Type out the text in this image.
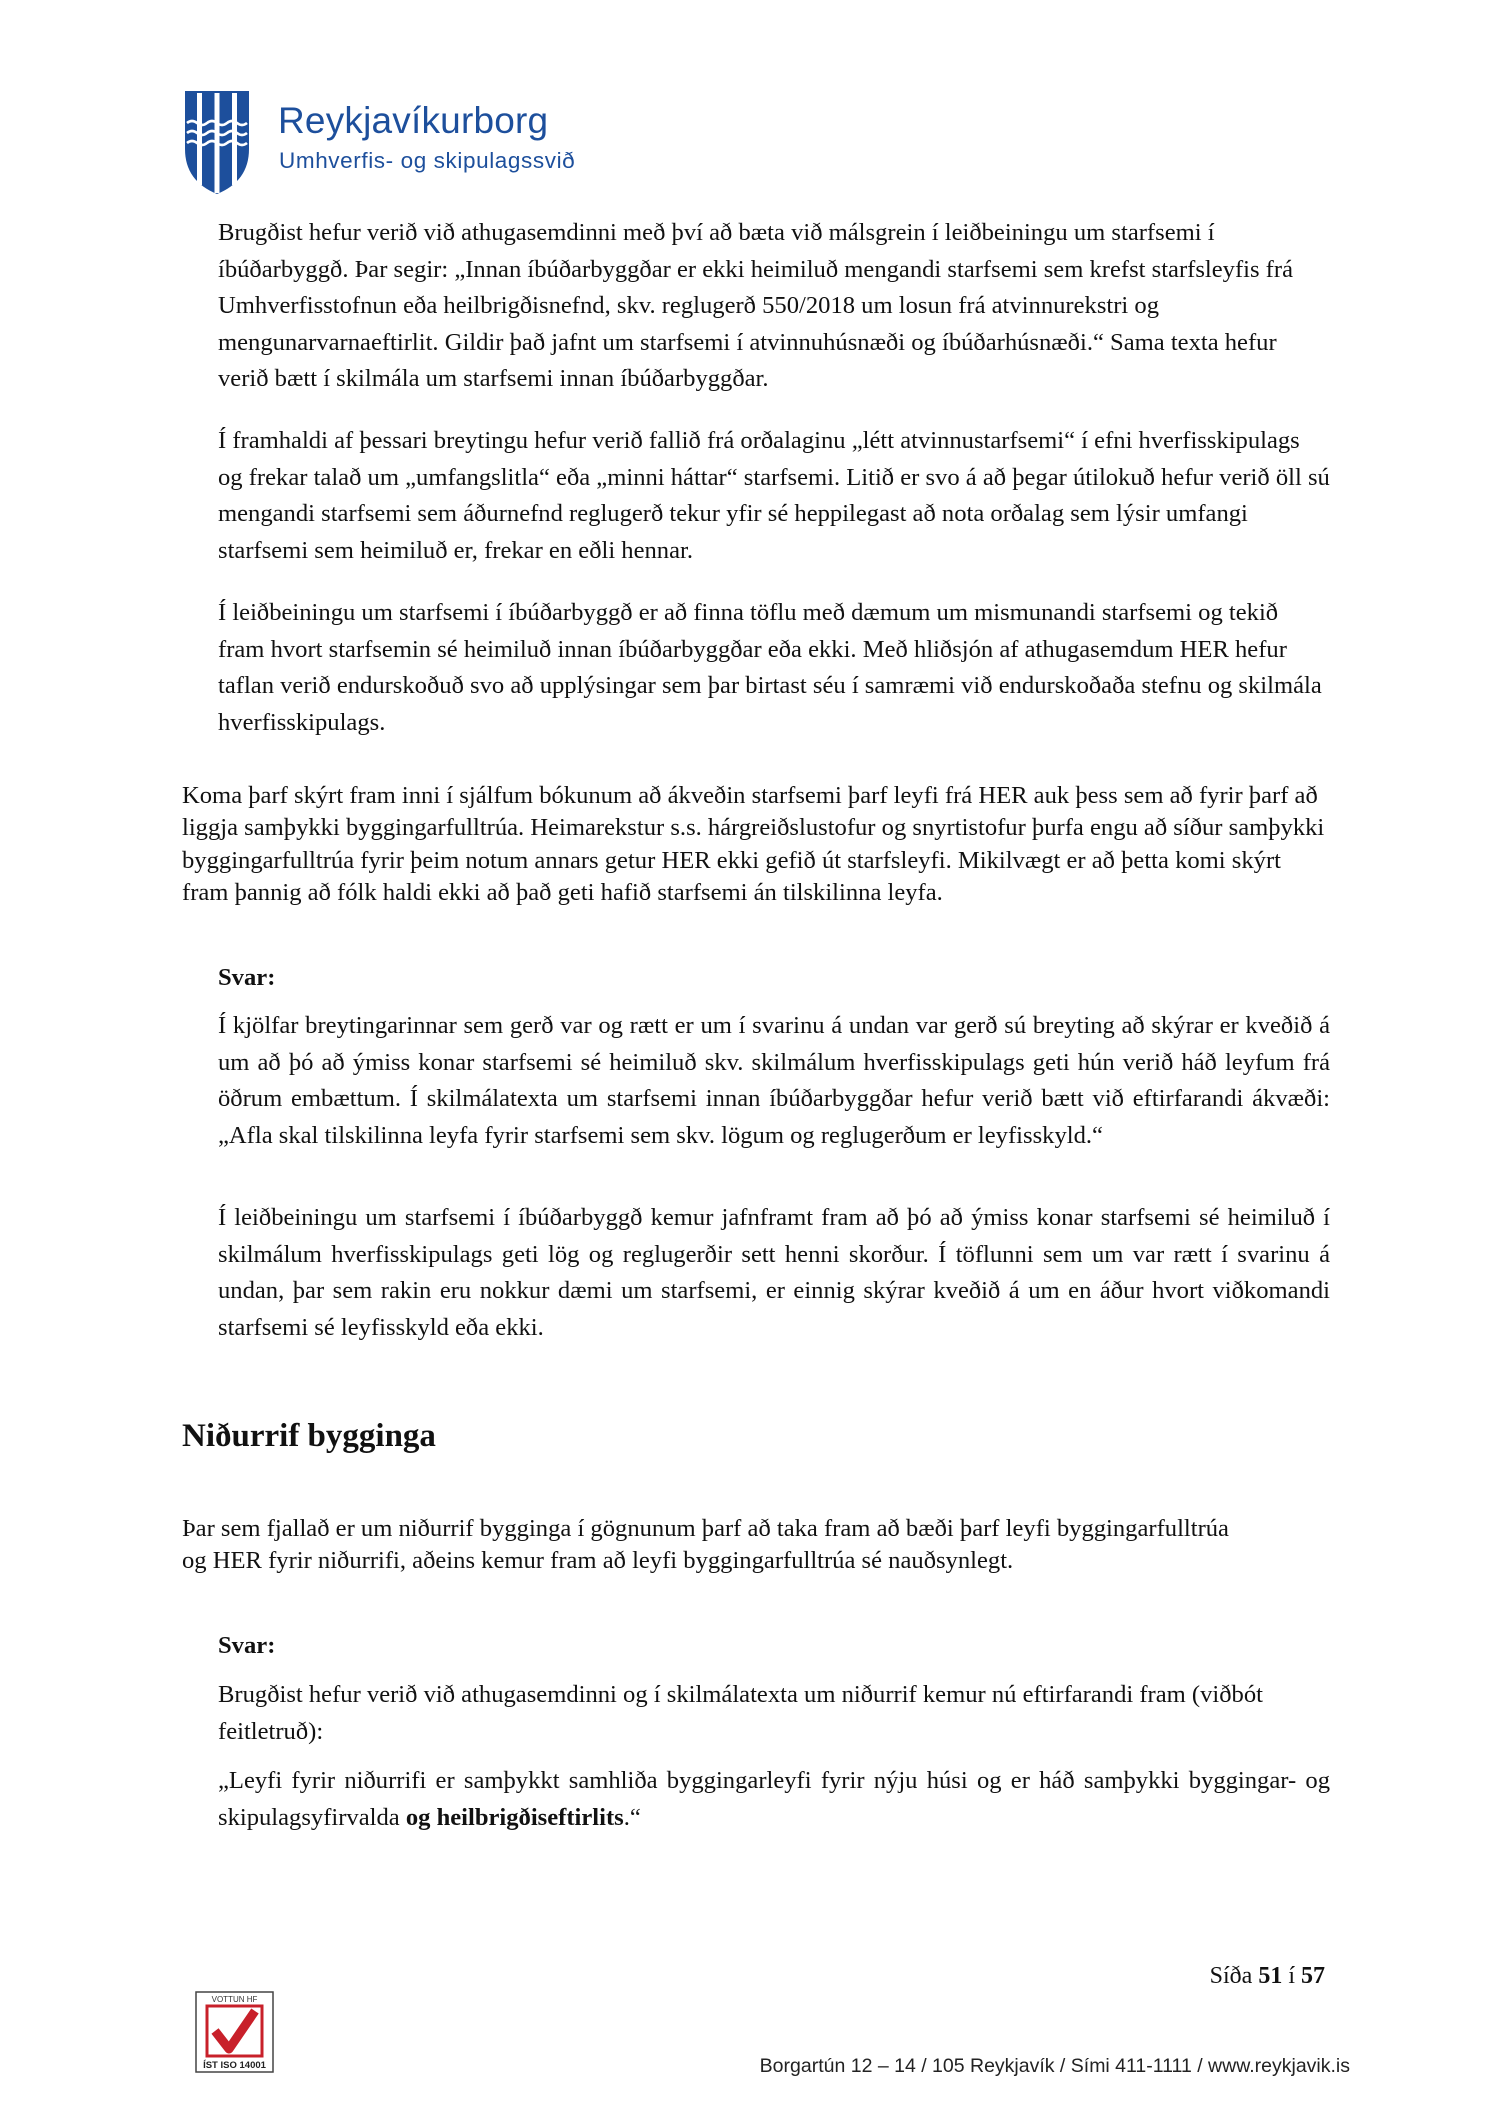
Reykjavíkurborg
Umhverfis- og skipulagssvið

Brugðist hefur verið við athugasemdinni með því að bæta við málsgrein í leiðbeiningu um starfsemi í íbúðarbyggð. Þar segir: „Innan íbúðarbyggðar er ekki heimiluð mengandi starfsemi sem krefst starfsleyfis frá Umhverfisstofnun eða heilbrigðisnefnd, skv. reglugerð 550/2018 um losun frá atvinnurekstri og mengunarvarnaeftirlit. Gildir það jafnt um starfsemi í atvinnuhúsnæði og íbúðarhúsnæði.“ Sama texta hefur verið bætt í skilmála um starfsemi innan íbúðarbyggðar.

Í framhaldi af þessari breytingu hefur verið fallið frá orðalaginu „létt atvinnustarfsemi“ í efni hverfisskipulags og frekar talað um „umfangslitla“ eða „minni háttar“ starfsemi. Litið er svo á að þegar útilokuð hefur verið öll sú mengandi starfsemi sem áðurnefnd reglugerð tekur yfir sé heppilegast að nota orðalag sem lýsir umfangi starfsemi sem heimiluð er, frekar en eðli hennar.

Í leiðbeiningu um starfsemi í íbúðarbyggð er að finna töflu með dæmum um mismunandi starfsemi og tekið fram hvort starfsemin sé heimiluð innan íbúðarbyggðar eða ekki. Með hliðsjón af athugasemdum HER hefur taflan verið endurskoðuð svo að upplýsingar sem þar birtast séu í samræmi við endurskoðaða stefnu og skilmála hverfisskipulags.

Koma þarf skýrt fram inni í sjálfum bókunum að ákveðin starfsemi þarf leyfi frá HER auk þess sem að fyrir þarf að liggja samþykki byggingarfulltrúa. Heimarekstur s.s. hárgreiðslustofur og snyrtistofur þurfa engu að síður samþykki byggingarfulltrúa fyrir þeim notum annars getur HER ekki gefið út starfsleyfi. Mikilvægt er að þetta komi skýrt fram þannig að fólk haldi ekki að það geti hafið starfsemi án tilskilinna leyfa.

Svar:

Í kjölfar breytingarinnar sem gerð var og rætt er um í svarinu á undan var gerð sú breyting að skýrar er kveðið á um að þó að ýmiss konar starfsemi sé heimiluð skv. skilmálum hverfisskipulags geti hún verið háð leyfum frá öðrum embættum. Í skilmálatexta um starfsemi innan íbúðarbyggðar hefur verið bætt við eftirfarandi ákvæði: „Afla skal tilskilinna leyfa fyrir starfsemi sem skv. lögum og reglugerðum er leyfisskyld.“

Í leiðbeiningu um starfsemi í íbúðarbyggð kemur jafnframt fram að þó að ýmiss konar starfsemi sé heimiluð í skilmálum hverfisskipulags geti lög og reglugerðir sett henni skorður. Í töflunni sem um var rætt í svarinu á undan, þar sem rakin eru nokkur dæmi um starfsemi, er einnig skýrar kveðið á um en áður hvort viðkomandi starfsemi sé leyfisskyld eða ekki.

Niðurrif bygginga

Þar sem fjallað er um niðurrif bygginga í gögnunum þarf að taka fram að bæði þarf leyfi byggingarfulltrúa og HER fyrir niðurrifi, aðeins kemur fram að leyfi byggingarfulltrúa sé nauðsynlegt.

Svar:

Brugðist hefur verið við athugasemdinni og í skilmálatexta um niðurrif kemur nú eftirfarandi fram (viðbót feitletruð):

„Leyfi fyrir niðurrifi er samþykkt samhliða byggingarleyfi fyrir nýju húsi og er háð samþykki byggingar- og skipulagsyfirvalda og heilbrigðiseftirlits.“

Síða 51 í 57
VOTTUN HF
ÍST ISO 14001	Borgartún 12 – 14 / 105 Reykjavík / Sími 411-1111 / www.reykjavik.is
